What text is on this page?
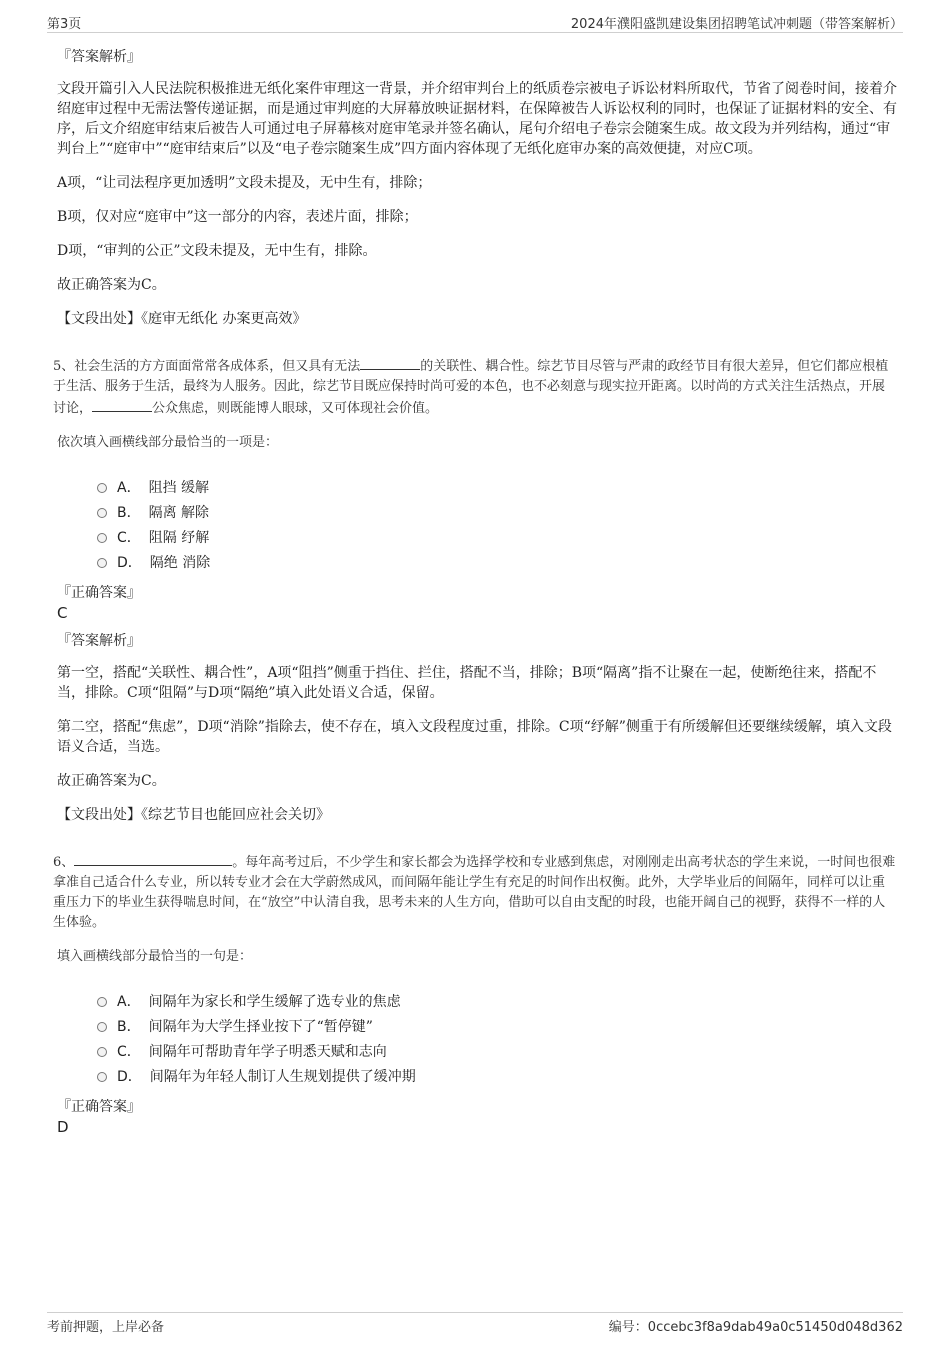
第3页	2024年濮阳盛凯建设集团招聘笔试冲刺题（带答案解析）

『答案解析』

文段开篇引入人民法院积极推进无纸化案件审理这一背景，并介绍审判台上的纸质卷宗被电子诉讼材料所取代，节省了阅卷时间，接着介绍庭审过程中无需法警传递证据，而是通过审判庭的大屏幕放映证据材料，在保障被告人诉讼权利的同时，也保证了证据材料的安全、有序，后文介绍庭审结束后被告人可通过电子屏幕核对庭审笔录并签名确认，尾句介绍电子卷宗会随案生成。故文段为并列结构，通过“审判台上”“庭审中”“庭审结束后”以及“电子卷宗随案生成”四方面内容体现了无纸化庭审办案的高效便捷，对应C项。

A项，“让司法程序更加透明”文段未提及，无中生有，排除；

B项，仅对应“庭审中”这一部分的内容，表述片面，排除；

D项，“审判的公正”文段未提及，无中生有，排除。

故正确答案为C。

【文段出处】《庭审无纸化 办案更高效》

5、社会生活的方方面面常常各成体系，但又具有无法	的关联性、耦合性。综艺节目尽管与严肃的政经节目有很大差异，但它们都应根植于生活、服务于生活，最终为人服务。因此，综艺节目既应保持时尚可爱的本色，也不必刻意与现实拉开距离。以时尚的方式关注生活热点，开展讨论，	公众焦虑，则既能博人眼球，又可体现社会价值。

依次填入画横线部分最恰当的一项是：

A． 阻挡 缓解
B． 隔离 解除
C． 阻隔 纾解
D． 隔绝 消除

『正确答案』

C

『答案解析』

第一空，搭配“关联性、耦合性”，A项“阻挡”侧重于挡住、拦住，搭配不当，排除；B项“隔离”指不让聚在一起，使断绝往来，搭配不当，排除。C项“阻隔”与D项“隔绝”填入此处语义合适，保留。

第二空，搭配“焦虑”，D项“消除”指除去，使不存在，填入文段程度过重，排除。C项“纾解”侧重于有所缓解但还要继续缓解，填入文段语义合适，当选。

故正确答案为C。

【文段出处】《综艺节目也能回应社会关切》

6、	。每年高考过后，不少学生和家长都会为选择学校和专业感到焦虑，对刚刚走出高考状态的学生来说，一时间也很难拿准自己适合什么专业，所以转专业才会在大学蔚然成风，而间隔年能让学生有充足的时间作出权衡。此外，大学毕业后的间隔年，同样可以让重重压力下的毕业生获得喘息时间，在“放空”中认清自我，思考未来的人生方向，借助可以自由支配的时段，也能开阔自己的视野，获得不一样的人生体验。

填入画横线部分最恰当的一句是：

A． 间隔年为家长和学生缓解了选专业的焦虑
B． 间隔年为大学生择业按下了“暂停键”
C． 间隔年可帮助青年学子明悉天赋和志向
D． 间隔年为年轻人制订人生规划提供了缓冲期

『正确答案』

D

考前押题，上岸必备	编号：0ccebc3f8a9dab49a0c51450d048d362
